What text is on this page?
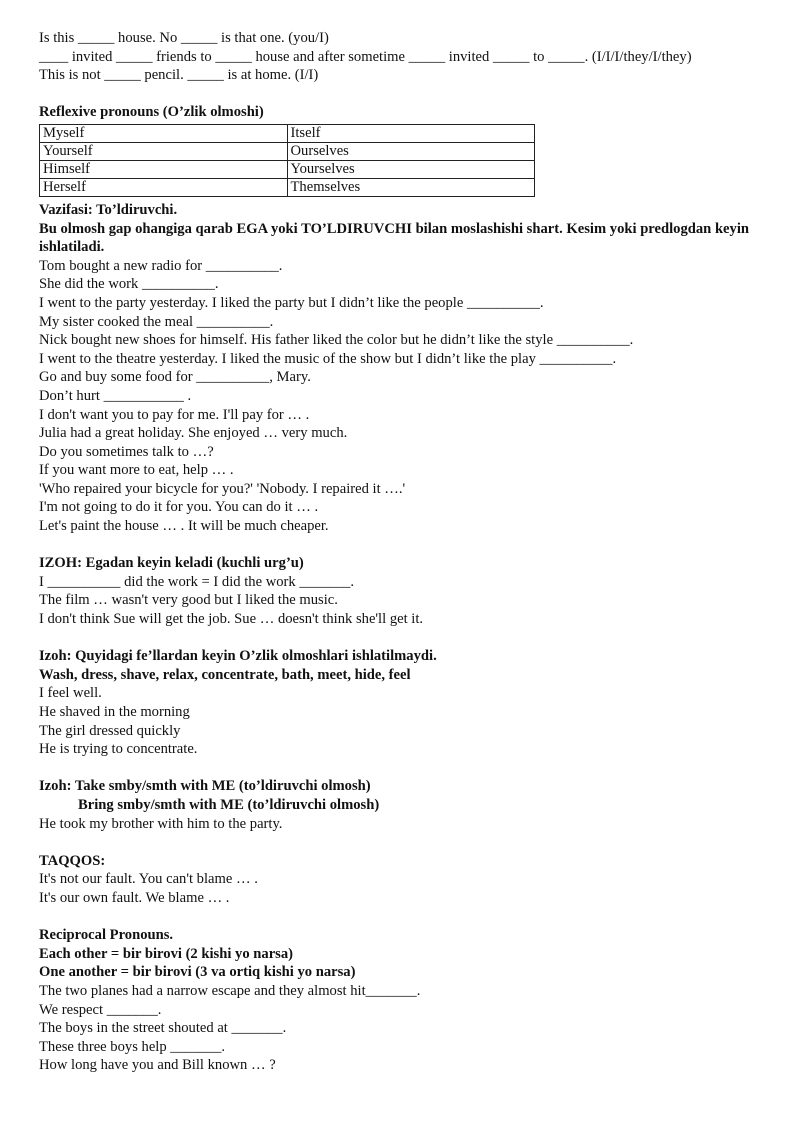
Is this _____ house. No _____ is that one. (you/I)
____ invited _____ friends to _____ house and after sometime _____ invited _____ to _____. (I/I/I/they/I/they)
This is not _____ pencil. _____ is at home. (I/I)
Reflexive pronouns (O’zlik olmoshi)
Myself	Itself
Yourself	Ourselves
Himself	Yourselves
Herself	Themselves
Vazifasi: To’ldiruvchi.
Bu olmosh gap ohangiga qarab EGA yoki TO’LDIRUVCHI bilan moslashishi shart. Kesim yoki predlogdan keyin ishlatiladi.
Tom bought a new radio for __________.
She did the work __________.
I went to the party yesterday. I liked the party but I didn’t like the people __________.
My sister cooked the meal __________.
Nick bought new shoes for himself. His father liked the color but he didn’t like the style __________.
I went to the theatre yesterday. I liked the music of the show but I didn’t like the play __________.
Go and buy some food for __________, Mary.
Don’t hurt ___________ .
I don't want you to pay for me. I'll pay for … .
Julia had a great holiday. She enjoyed … very much.
Do you sometimes talk to …?
If you want more to eat, help … .
'Who repaired your bicycle for you?' 'Nobody. I repaired it ….'
I'm not going to do it for you. You can do it … .
Let's paint the house … . It will be much cheaper.
IZOH: Egadan keyin keladi (kuchli urg’u)
I __________ did the work = I did the work _______.
The film … wasn't very good but I liked the music.
I don't think Sue will get the job. Sue … doesn't think she'll get it.
Izoh: Quyidagi fe’llardan keyin O’zlik olmoshlari ishlatilmaydi.
Wash, dress, shave, relax, concentrate, bath, meet, hide, feel
I feel well.
He shaved in the morning
The girl dressed quickly
He is trying to concentrate.
Izoh: Take smby/smth with ME (to’ldiruvchi olmosh)
Bring smby/smth with ME (to’ldiruvchi olmosh)
He took my brother with him to the party.
TAQQOS:
It's not our fault. You can't blame … .
It's our own fault. We blame … .
Reciprocal Pronouns.
Each other = bir birovi (2 kishi yo narsa)
One another = bir birovi (3 va ortiq kishi yo narsa)
The two planes had a narrow escape and they almost hit_______.
We respect _______.
The boys in the street shouted at _______.
These three boys help _______.
How long have you and Bill known … ?
